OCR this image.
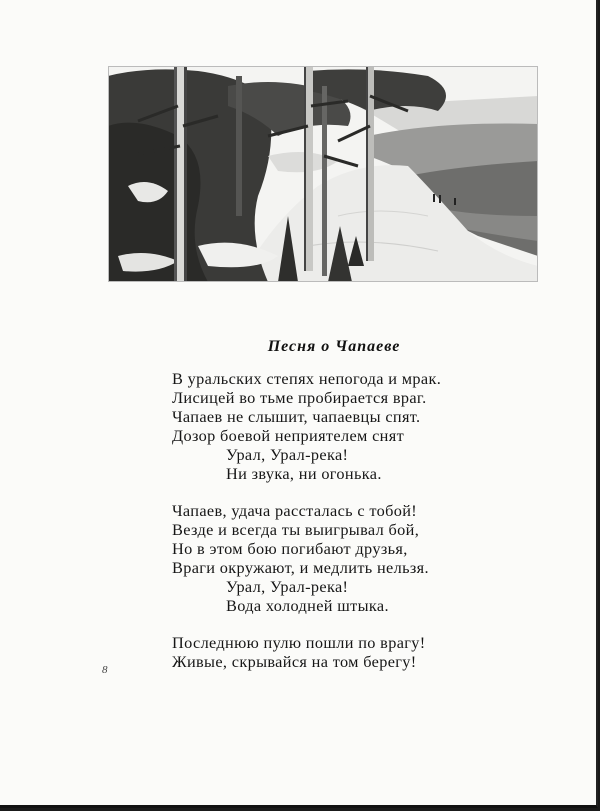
Песня о Чапаеве
В уральских степях непогода и мрак.
Лисицей во тьме пробирается враг.
Чапаев не слышит, чапаевцы спят.
Дозор боевой неприятелем снят
Урал, Урал-река!
Ни звука, ни огонька.
Чапаев, удача рассталась с тобой!
Везде и всегда ты выигрывал бой,
Но в этом бою погибают друзья,
Враги окружают, и медлить нельзя.
Урал, Урал-река!
Вода холодней штыка.
Последнюю пулю пошли по врагу!
Живые, скрывайся на том берегу!
8
